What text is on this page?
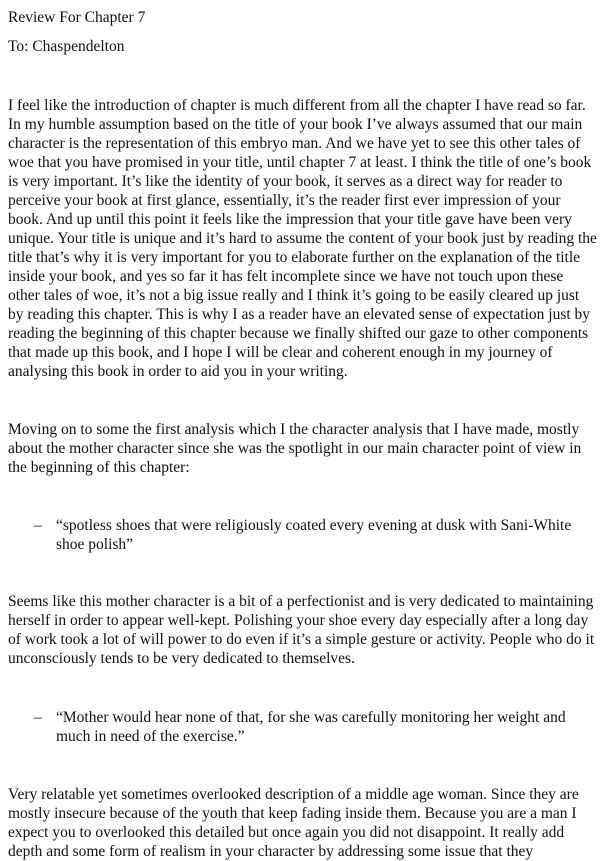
Review For Chapter 7

To: Chaspendelton

I feel like the introduction of chapter is much different from all the chapter I have read so far. In my humble assumption based on the title of your book I’ve always assumed that our main character is the representation of this embryo man. And we have yet to see this other tales of woe that you have promised in your title, until chapter 7 at least. I think the title of one’s book is very important. It’s like the identity of your book, it serves as a direct way for reader to perceive your book at first glance, essentially, it’s the reader first ever impression of your book. And up until this point it feels like the impression that your title gave have been very unique. Your title is unique and it’s hard to assume the content of your book just by reading the title that’s why it is very important for you to elaborate further on the explanation of the title inside your book, and yes so far it has felt incomplete since we have not touch upon these other tales of woe, it’s not a big issue really and I think it’s going to be easily cleared up just by reading this chapter. This is why I as a reader have an elevated sense of expectation just by reading the beginning of this chapter because we finally shifted our gaze to other components that made up this book, and I hope I will be clear and coherent enough in my journey of analysing this book in order to aid you in your writing.

Moving on to some the first analysis which I the character analysis that I have made, mostly about the mother character since she was the spotlight in our main character point of view in the beginning of this chapter:

– “spotless shoes that were religiously coated every evening at dusk with Sani-White shoe polish”

Seems like this mother character is a bit of a perfectionist and is very dedicated to maintaining herself in order to appear well-kept. Polishing your shoe every day especially after a long day of work took a lot of will power to do even if it’s a simple gesture or activity. People who do it unconsciously tends to be very dedicated to themselves.

– “Mother would hear none of that, for she was carefully monitoring her weight and much in need of the exercise.”

Very relatable yet sometimes overlooked description of a middle age woman. Since they are mostly insecure because of the youth that keep fading inside them. Because you are a man I expect you to overlooked this detailed but once again you did not disappoint. It really add depth and some form of realism in your character by addressing some issue that they
